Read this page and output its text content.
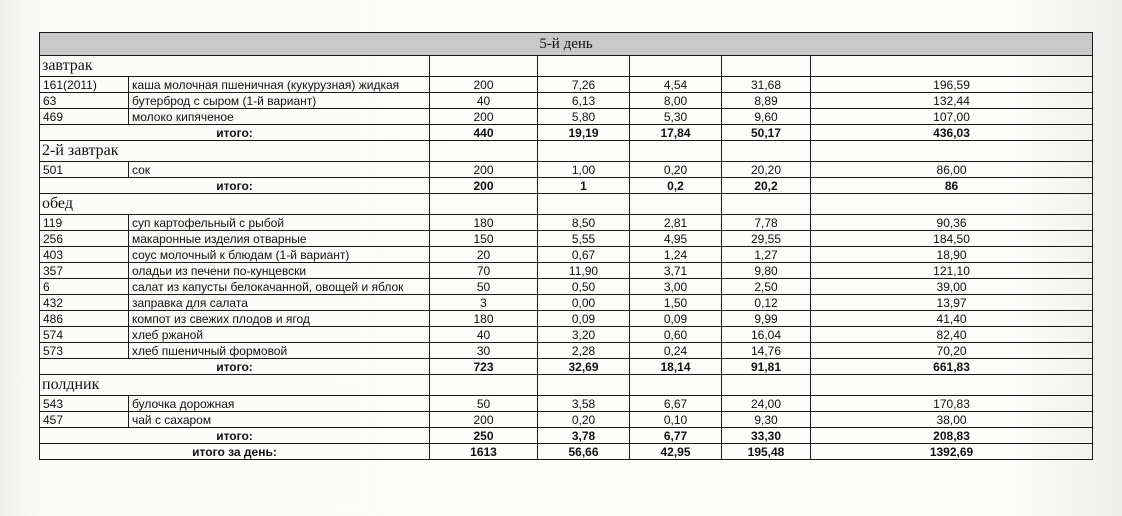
5-й день						
завтрак						
161(2011)	каша молочная пшеничная (кукурузная) жидкая	200	7,26	4,54	31,68	196,59
63	бутерброд с сыром (1-й вариант)	40	6,13	8,00	8,89	132,44
469	молоко кипяченое	200	5,80	5,30	9,60	107,00
итого:		440	19,19	17,84	50,17	436,03
2-й завтрак						
501	сок	200	1,00	0,20	20,20	86,00
итого:		200	1	0,2	20,2	86
обед						
119	суп картофельный с рыбой	180	8,50	2,81	7,78	90,36
256	макаронные изделия отварные	150	5,55	4,95	29,55	184,50
403	соус молочный к блюдам (1-й вариант)	20	0,67	1,24	1,27	18,90
357	оладьи из печени по-кунцевски	70	11,90	3,71	9,80	121,10
6	салат из капусты белокачанной, овощей и яблок	50	0,50	3,00	2,50	39,00
432	заправка для салата	3	0,00	1,50	0,12	13,97
486	компот из свежих плодов и ягод	180	0,09	0,09	9,99	41,40
574	хлеб ржаной	40	3,20	0,60	16,04	82,40
573	хлеб пшеничный формовой	30	2,28	0,24	14,76	70,20
итого:		723	32,69	18,14	91,81	661,83
полдник						
543	булочка дорожная	50	3,58	6,67	24,00	170,83
457	чай с сахаром	200	0,20	0,10	9,30	38,00
итого:		250	3,78	6,77	33,30	208,83
итого за день:		1613	56,66	42,95	195,48	1392,69
